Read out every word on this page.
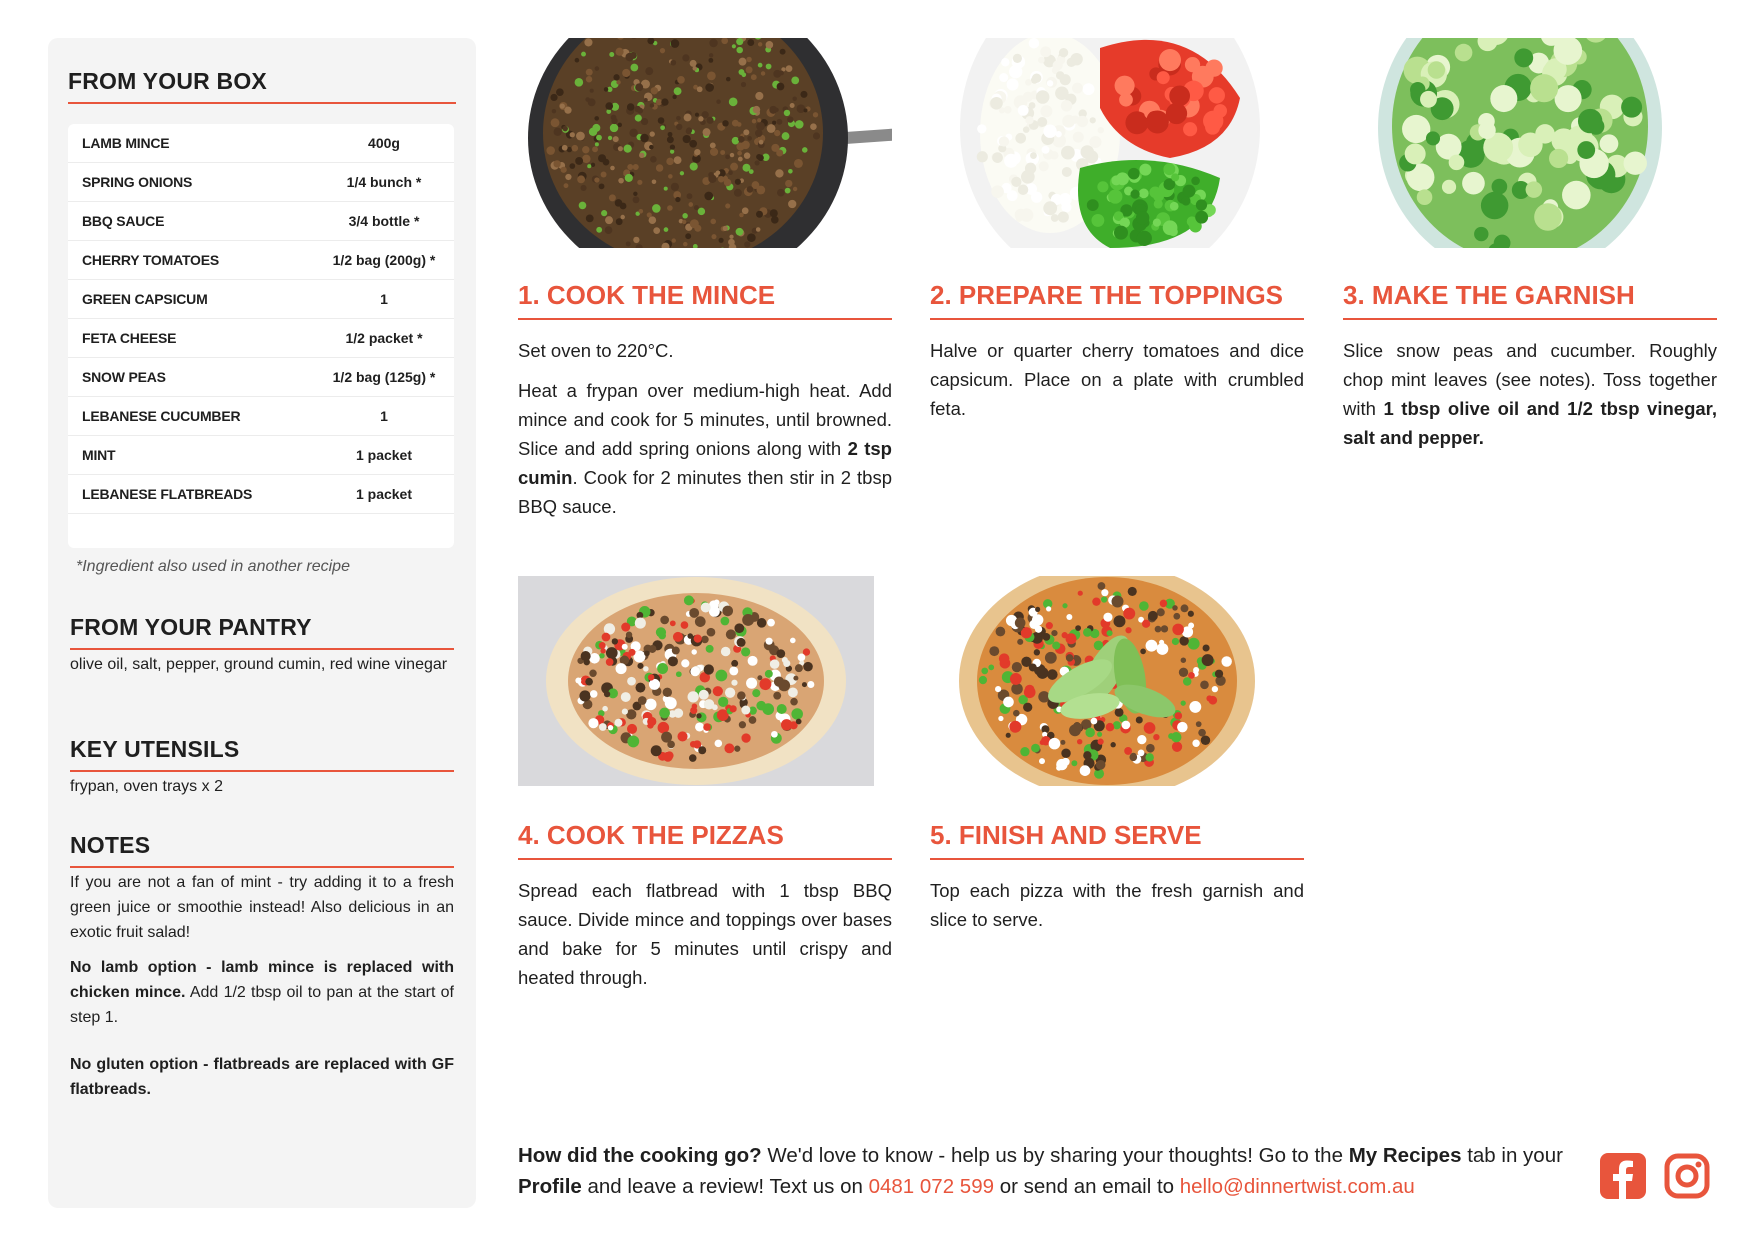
FROM YOUR BOX
LAMB MINCE	400g
SPRING ONIONS	1/4 bunch *
BBQ SAUCE	3/4 bottle *
CHERRY TOMATOES	1/2 bag (200g) *
GREEN CAPSICUM	1
FETA CHEESE	1/2 packet *
SNOW PEAS	1/2 bag (125g) *
LEBANESE CUCUMBER	1
MINT	1 packet
LEBANESE FLATBREADS	1 packet
*Ingredient also used in another recipe
FROM YOUR PANTRY

olive oil, salt, pepper, ground cumin, red wine vinegar

KEY UTENSILS

frypan, oven trays x 2

NOTES

If you are not a fan of mint - try adding it to a fresh green juice or smoothie instead! Also delicious in an exotic fruit salad!

No lamb option - lamb mince is replaced with chicken mince. Add 1/2 tbsp oil to pan at the start of step 1.

No gluten option - flatbreads are replaced with GF flatbreads.

1. COOK THE MINCE

Set oven to 220°C.

Heat a frypan over medium-high heat. Add mince and cook for 5 minutes, until browned. Slice and add spring onions along with 2 tsp cumin. Cook for 2 minutes then stir in 2 tbsp BBQ sauce.

2. PREPARE THE TOPPINGS

Halve or quarter cherry tomatoes and dice capsicum. Place on a plate with crumbled feta.

3. MAKE THE GARNISH

Slice snow peas and cucumber. Roughly chop mint leaves (see notes). Toss together with 1 tbsp olive oil and 1/2 tbsp vinegar, salt and pepper.

4. COOK THE PIZZAS

Spread each flatbread with 1 tbsp BBQ sauce. Divide mince and toppings over bases and bake for 5 minutes until crispy and heated through.

5. FINISH AND SERVE

Top each pizza with the fresh garnish and slice to serve.

How did the cooking go? We'd love to know - help us by sharing your thoughts! Go to the My Recipes tab in your Profile and leave a review! Text us on 0481 072 599 or send an email to hello@dinnertwist.com.au
